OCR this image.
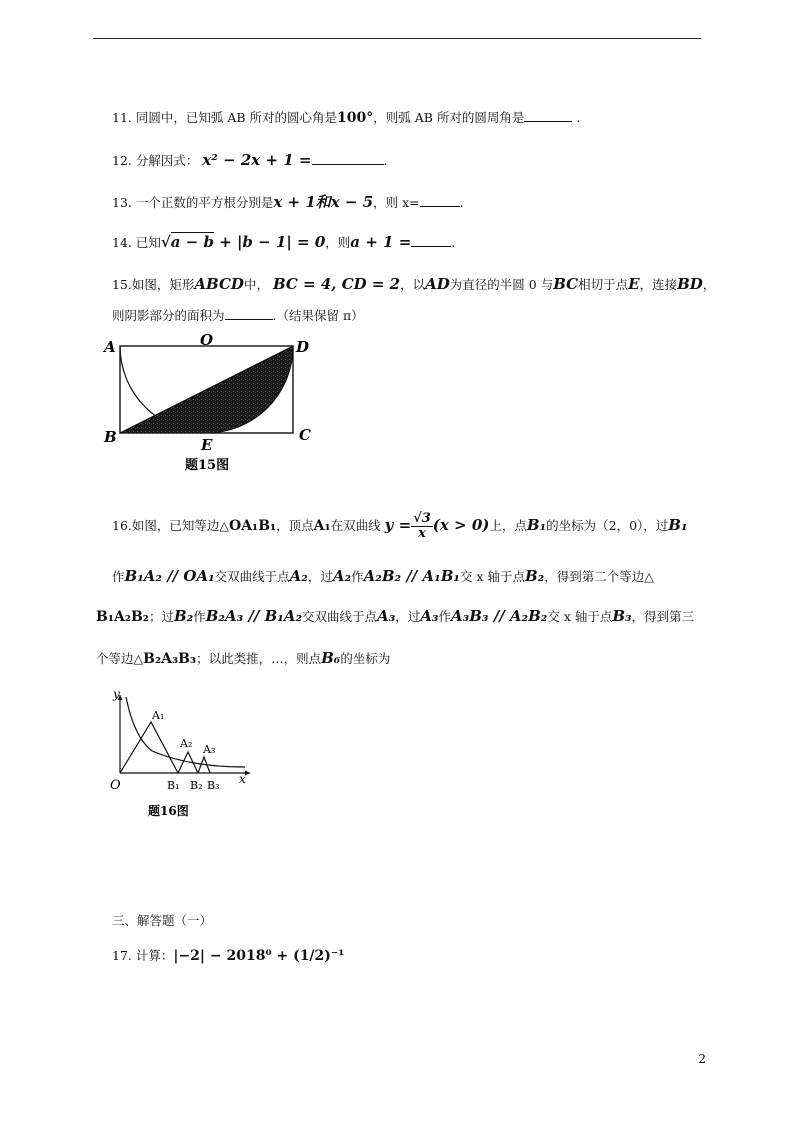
11. 同圆中，已知弧 AB 所对的圆心角是100°，则弧 AB 所对的圆周角是	.
12. 分解因式： x² − 2x + 1 =	.
13. 一个正数的平方根分别是x + 1和x − 5，则 x=	.
14. 已知√a − b + |b − 1| = 0，则a + 1 =	.
15.如图，矩形ABCD中， BC = 4, CD = 2，以AD为直径的半圆 0 与BC相切于点E，连接BD，
则阴影部分的面积为	.（结果保留 π）
A	O	D
B	E
C
题15图
16.如图，已知等边△OA₁B₁，顶点A₁在双曲线 $y = \frac{√3}{x} (x > 0)$上，点B₁的坐标为（2，0），过B₁
作B₁A₂ // OA₁交双曲线于点A₂，过A₂作A₂B₂ // A₁B₁交 x 轴于点B₂，得到第二个等边△
B₁A₂B₂；过B₂作B₂A₃ // B₁A₂交双曲线于点A₃，过A₃作A₃B₃ // A₂B₂交 x 轴于点B₃，得到第三
个等边△B₂A₃B₃；以此类推，…，则点B₆的坐标为
y
A₁
A₂ A₃
O	B₁ B₂ B₃ x
题16图
三、解答题（一）
17. 计算：|−2| − 2018⁰ + (1/2)⁻¹
2
